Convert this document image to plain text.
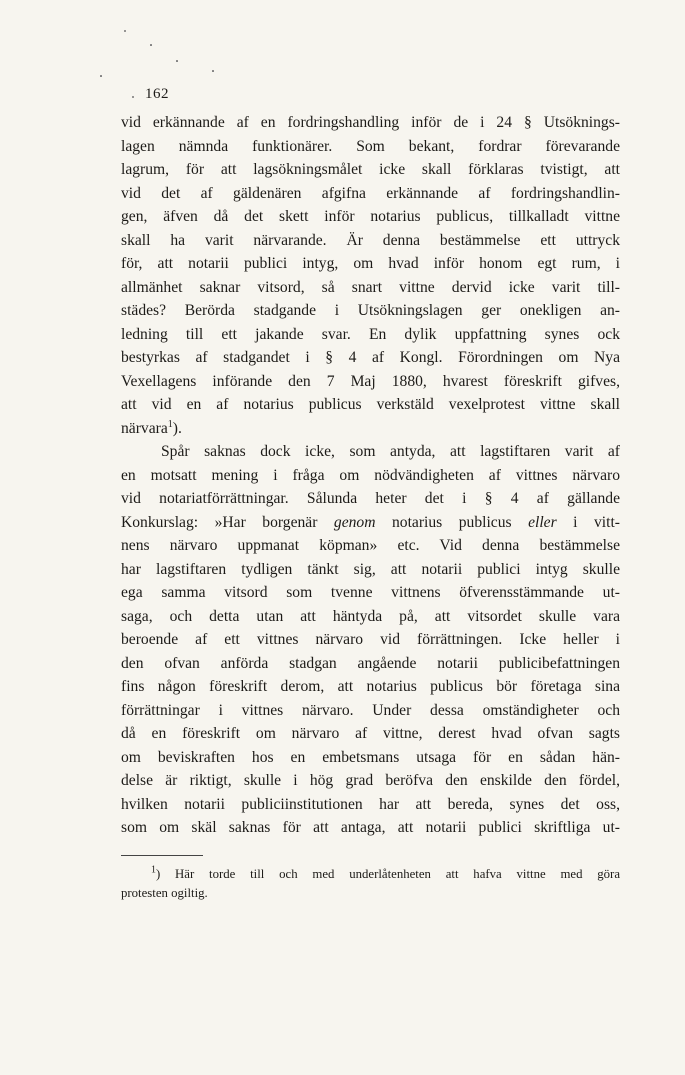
162
vid erkännande af en fordringshandling inför de i 24 § Utsöknings-
lagen nämnda funktionärer. Som bekant, fordrar förevarande
lagrum, för att lagsökningsmålet icke skall förklaras tvistigt, att
vid det af gäldenären afgifna erkännande af fordringshandlin-
gen, äfven då det skett inför notarius publicus, tillkalladt vittne
skall ha varit närvarande. Är denna bestämmelse ett uttryck
för, att notarii publici intyg, om hvad inför honom egt rum, i
allmänhet saknar vitsord, så snart vittne dervid icke varit till-
städes? Berörda stadgande i Utsökningslagen ger onekligen an-
ledning till ett jakande svar. En dylik uppfattning synes ock
bestyrkas af stadgandet i § 4 af Kongl. Förordningen om Nya
Vexellagens införande den 7 Maj 1880, hvarest föreskrift gifves,
att vid en af notarius publicus verkstäld vexelprotest vittne skall
närvara$^1$).
Spår saknas dock icke, som antyda, att lagstiftaren varit af
en motsatt mening i fråga om nödvändigheten af vittnes närvaro
vid notariatförrättningar. Sålunda heter det i § 4 af gällande
Konkurslag: »Har borgenär genom notarius publicus eller i vitt-
nens närvaro uppmanat köpman» etc. Vid denna bestämmelse
har lagstiftaren tydligen tänkt sig, att notarii publici intyg skulle
ega samma vitsord som tvenne vittnens öfverensstämmande ut-
saga, och detta utan att häntyda på, att vitsordet skulle vara
beroende af ett vittnes närvaro vid förrättningen. Icke heller i
den ofvan anförda stadgan angående notarii publicibefattningen
fins någon föreskrift derom, att notarius publicus bör företaga sina
förrättningar i vittnes närvaro. Under dessa omständigheter och
då en föreskrift om närvaro af vittne, derest hvad ofvan sagts
om beviskraften hos en embetsmans utsaga för en sådan hän-
delse är riktigt, skulle i hög grad beröfva den enskilde den fördel,
hvilken notarii publiciinstitutionen har att bereda, synes det oss,
som om skäl saknas för att antaga, att notarii publici skriftliga ut-
$^1$) Här torde till och med underlåtenheten att hafva vittne med göra
protesten ogiltig.
